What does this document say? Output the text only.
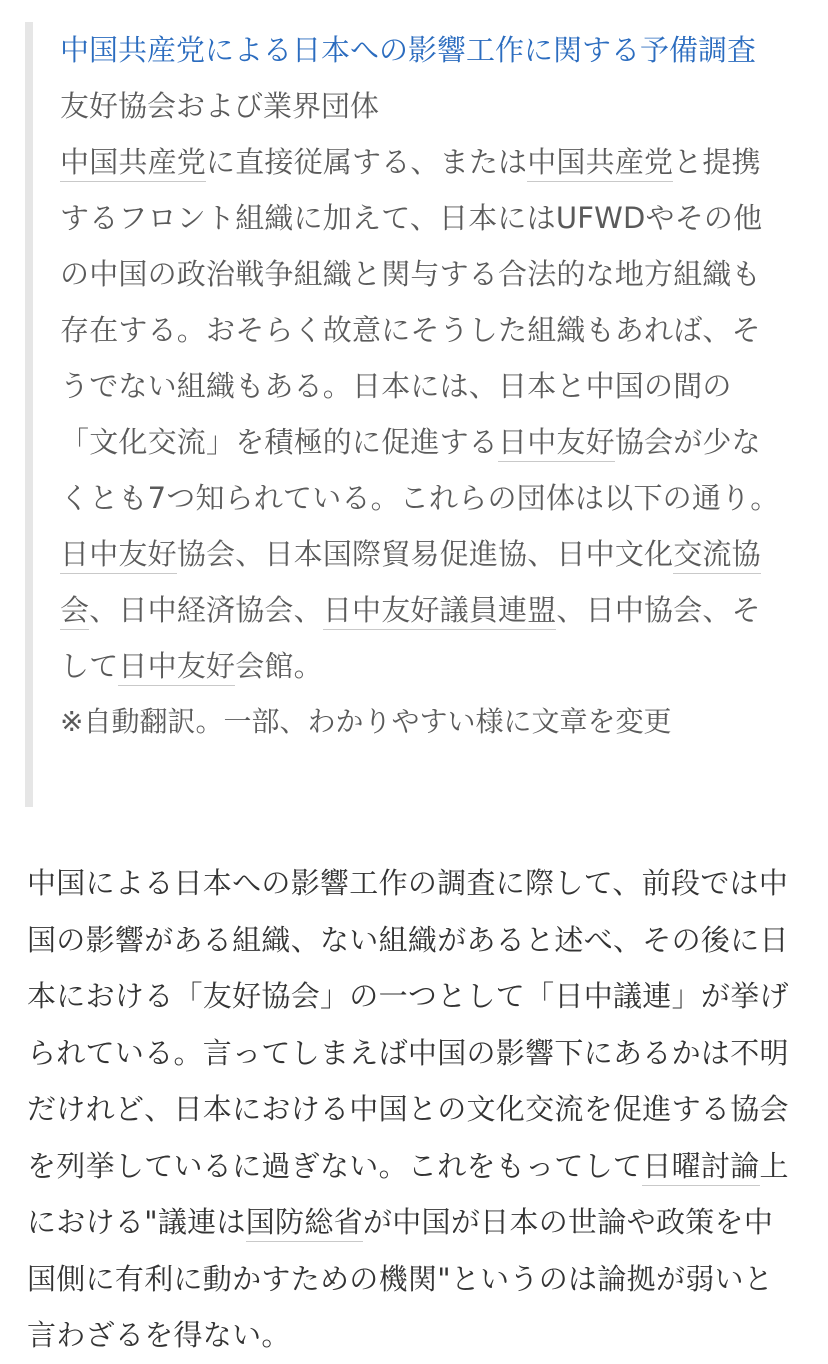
中国共産党による日本への影響工作に関する予備調査

友好協会および業界団体

中国共産党に直接従属する、または中国共産党と提携するフロント組織に加えて、日本にはUFWDやその他の中国の政治戦争組織と関与する合法的な地方組織も存在する。おそらく故意にそうした組織もあれば、そうでない組織もある。日本には、日本と中国の間の「文化交流」を積極的に促進する日中友好協会が少なくとも7つ知られている。これらの団体は以下の通り。日中友好協会、日本国際貿易促進協、日中文化交流協会、日中経済協会、日中友好議員連盟、日中協会、そして日中友好会館。

※自動翻訳。一部、わかりやすい様に文章を変更

中国による日本への影響工作の調査に際して、前段では中国の影響がある組織、ない組織があると述べ、その後に日本における「友好協会」の一つとして「日中議連」が挙げられている。言ってしまえば中国の影響下にあるかは不明だけれど、日本における中国との文化交流を促進する協会を列挙しているに過ぎない。これをもってして日曜討論上における"議連は国防総省が中国が日本の世論や政策を中国側に有利に動かすための機関"というのは論拠が弱いと言わざるを得ない。
